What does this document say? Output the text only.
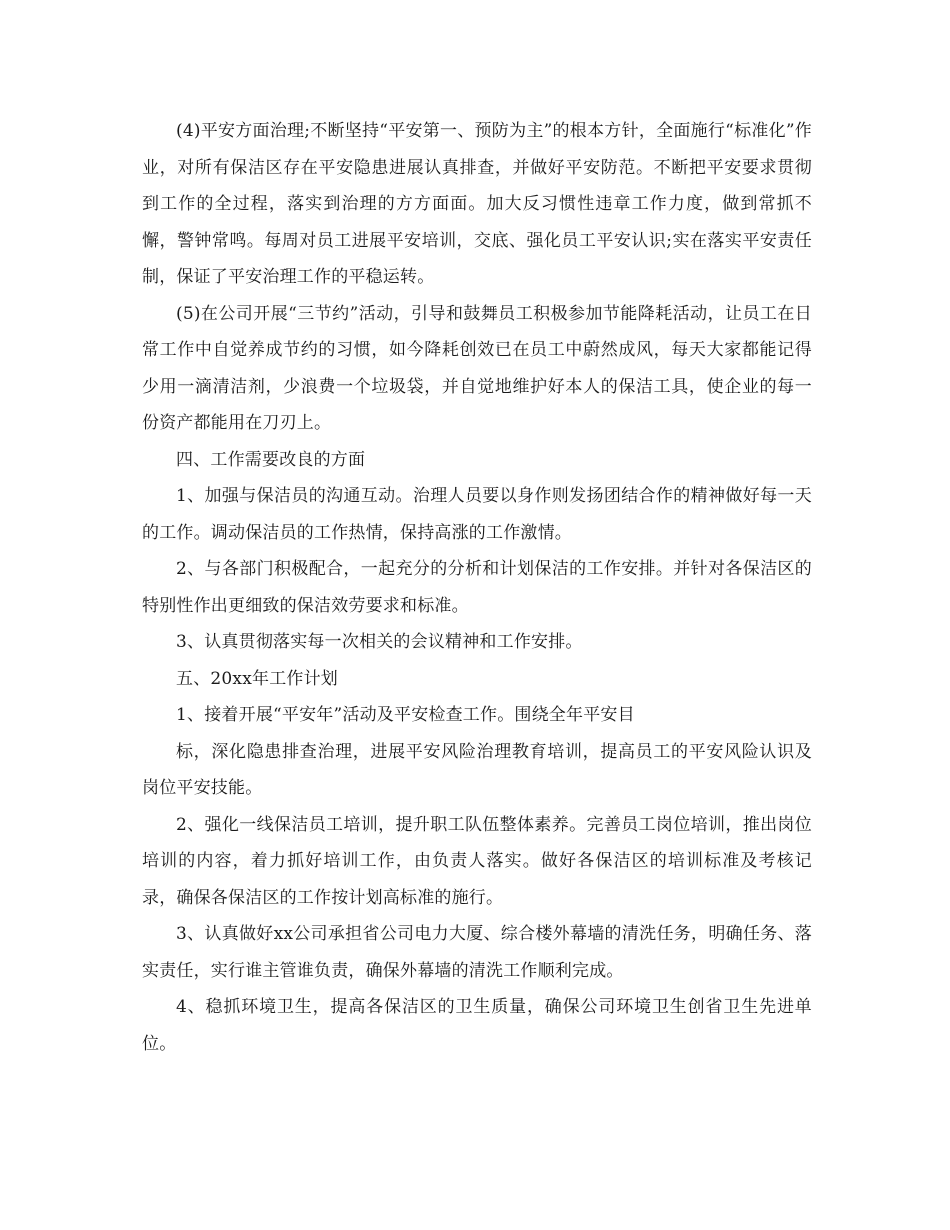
(4)平安方面治理;不断坚持“平安第一、预防为主”的根本方针，全面施行“标准化”作业，对所有保洁区存在平安隐患进展认真排查，并做好平安防范。不断把平安要求贯彻到工作的全过程，落实到治理的方方面面。加大反习惯性违章工作力度，做到常抓不懈，警钟常鸣。每周对员工进展平安培训，交底、强化员工平安认识;实在落实平安责任制，保证了平安治理工作的平稳运转。

(5)在公司开展“三节约”活动，引导和鼓舞员工积极参加节能降耗活动，让员工在日常工作中自觉养成节约的习惯，如今降耗创效已在员工中蔚然成风，每天大家都能记得少用一滴清洁剂，少浪费一个垃圾袋，并自觉地维护好本人的保洁工具，使企业的每一份资产都能用在刀刃上。

四、工作需要改良的方面

1、加强与保洁员的沟通互动。治理人员要以身作则发扬团结合作的精神做好每一天的工作。调动保洁员的工作热情，保持高涨的工作激情。

2、与各部门积极配合，一起充分的分析和计划保洁的工作安排。并针对各保洁区的特别性作出更细致的保洁效劳要求和标准。

3、认真贯彻落实每一次相关的会议精神和工作安排。

五、20xx年工作计划

1、接着开展“平安年”活动及平安检查工作。围绕全年平安目

标，深化隐患排查治理，进展平安风险治理教育培训，提高员工的平安风险认识及岗位平安技能。

2、强化一线保洁员工培训，提升职工队伍整体素养。完善员工岗位培训，推出岗位培训的内容，着力抓好培训工作，由负责人落实。做好各保洁区的培训标准及考核记录，确保各保洁区的工作按计划高标准的施行。

3、认真做好xx公司承担省公司电力大厦、综合楼外幕墙的清洗任务，明确任务、落实责任，实行谁主管谁负责，确保外幕墙的清洗工作顺利完成。

4、稳抓环境卫生，提高各保洁区的卫生质量，确保公司环境卫生创省卫生先进单位。
